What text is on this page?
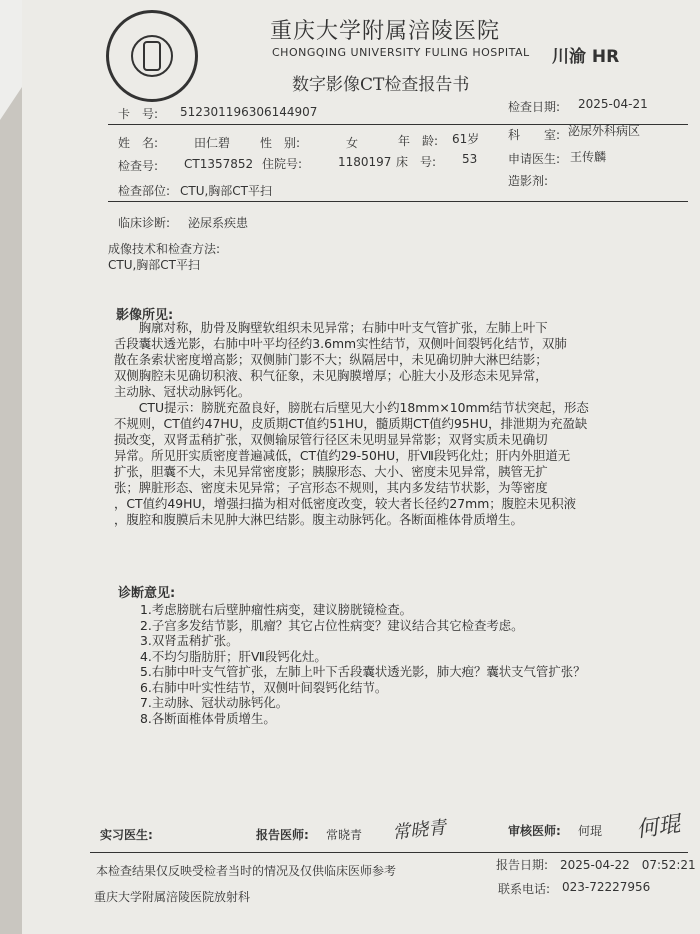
重庆大学附属涪陵医院
CHONGQING UNIVERSITY FULING HOSPITAL 川渝 HR
数字影像CT检查报告书
卡　号: 512301196306144907	检查日期: 2025-04-21
姓　名:	田仁碧 性　别:	女	年　龄: 61岁 科　　室: 泌尿外科病区
检查号: CT1357852 住院号:	1180197 床　号: 53	申请医生: 王传麟
检查部位: CTU,胸部CT平扫
造影剂:
临床诊断: 泌尿系疾患
成像技术和检查方法:
CTU,胸部CT平扫
影像所见:

　　胸廓对称，肋骨及胸壁软组织未见异常；右肺中叶支气管扩张，左肺上叶下

舌段囊状透光影，右肺中叶平均径约3.6mm实性结节，双侧叶间裂钙化结节，双肺

散在条索状密度增高影；双侧肺门影不大；纵隔居中，未见确切肿大淋巴结影；

双侧胸腔未见确切积液、积气征象，未见胸膜增厚；心脏大小及形态未见异常，

主动脉、冠状动脉钙化。

　　CTU提示：膀胱充盈良好，膀胱右后壁见大小约18mm×10mm结节状突起，形态

不规则，CT值约47HU，皮质期CT值约51HU，髓质期CT值约95HU，排泄期为充盈缺

损改变，双肾盂稍扩张，双侧输尿管行径区未见明显异常影；双肾实质未见确切

异常。所见肝实质密度普遍减低，CT值约29-50HU，肝Ⅶ段钙化灶；肝内外胆道无

扩张，胆囊不大，未见异常密度影；胰腺形态、大小、密度未见异常，胰管无扩

张；脾脏形态、密度未见异常；子宫形态不规则，其内多发结节状影，为等密度

，CT值约49HU，增强扫描为相对低密度改变，较大者长径约27mm；腹腔未见积液

，腹腔和腹膜后未见肿大淋巴结影。腹主动脉钙化。各断面椎体骨质增生。

诊断意见:

1.考虑膀胱右后壁肿瘤性病变，建议膀胱镜检查。

2.子宫多发结节影，肌瘤？其它占位性病变？建议结合其它检查考虑。

3.双肾盂稍扩张。

4.不均匀脂肪肝；肝Ⅶ段钙化灶。

5.右肺中叶支气管扩张，左肺上叶下舌段囊状透光影，肺大疱？囊状支气管扩张？

6.右肺中叶实性结节，双侧叶间裂钙化结节。

7.主动脉、冠状动脉钙化。

8.各断面椎体骨质增生。

实习医生:	报告医师: 常晓青 常晓青	审核医师: 何琨 何琨
本检查结果仅反映受检者当时的情况及仅供临床医师参考
重庆大学附属涪陵医院放射科
报告日期: 2025-04-22　07:52:21
联系电话: 023-72227956
